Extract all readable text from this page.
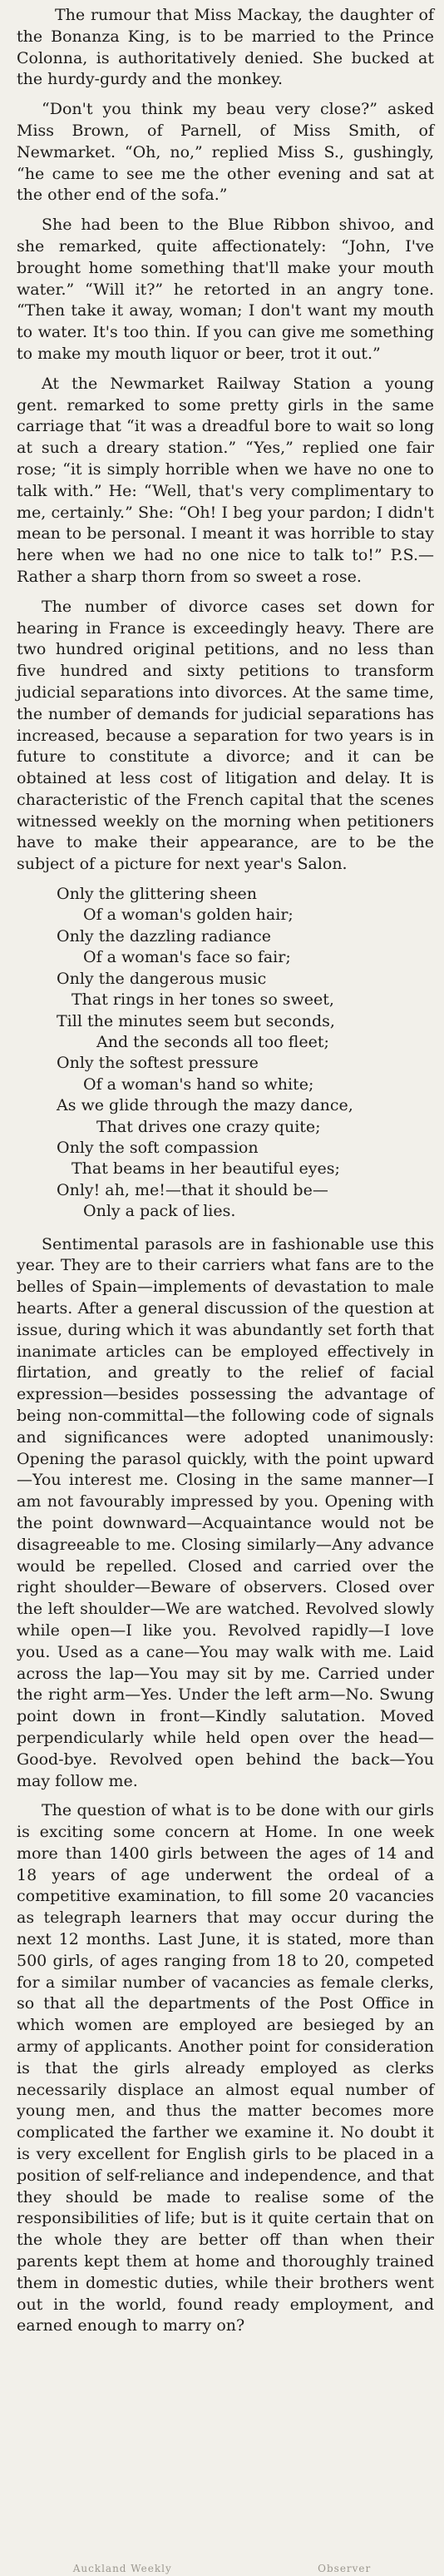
The rumour that Miss Mackay, the daughter of the Bonanza King, is to be married to the Prince Colonna, is authoritatively denied. She bucked at the hurdy-gurdy and the monkey.

“Don't you think my beau very close?” asked Miss Brown, of Parnell, of Miss Smith, of Newmarket. “Oh, no,” replied Miss S., gushingly, “he came to see me the other evening and sat at the other end of the sofa.”

She had been to the Blue Ribbon shivoo, and she remarked, quite affectionately: “John, I've brought home something that'll make your mouth water.” “Will it?” he retorted in an angry tone. “Then take it away, woman; I don't want my mouth to water. It's too thin. If you can give me something to make my mouth liquor or beer, trot it out.”

At the Newmarket Railway Station a young gent. remarked to some pretty girls in the same carriage that “it was a dreadful bore to wait so long at such a dreary station.” “Yes,” replied one fair rose; “it is simply horrible when we have no one to talk with.” He: “Well, that's very complimentary to me, certainly.” She: “Oh! I beg your pardon; I didn't mean to be personal. I meant it was horrible to stay here when we had no one nice to talk to!” P.S.—Rather a sharp thorn from so sweet a rose.

The number of divorce cases set down for hearing in France is exceedingly heavy. There are two hundred original petitions, and no less than five hundred and sixty petitions to transform judicial separations into divorces. At the same time, the number of demands for judicial separations has increased, because a separation for two years is in future to constitute a divorce; and it can be obtained at less cost of litigation and delay. It is characteristic of the French capital that the scenes witnessed weekly on the morning when petitioners have to make their appearance, are to be the subject of a picture for next year's Salon.

Only the glittering sheen
Of a woman's golden hair;
Only the dazzling radiance
Of a woman's face so fair;
Only the dangerous music
That rings in her tones so sweet,
Till the minutes seem but seconds,
And the seconds all too fleet;
Only the softest pressure
Of a woman's hand so white;
As we glide through the mazy dance,
That drives one crazy quite;
Only the soft compassion
That beams in her beautiful eyes;
Only! ah, me!—that it should be—
Only a pack of lies.

Sentimental parasols are in fashionable use this year. They are to their carriers what fans are to the belles of Spain—implements of devastation to male hearts. After a general discussion of the question at issue, during which it was abundantly set forth that inanimate articles can be employed effectively in flirtation, and greatly to the relief of facial expression—besides possessing the advantage of being non-committal—the following code of signals and significances were adopted unanimously: Opening the parasol quickly, with the point upward—You interest me. Closing in the same manner—I am not favourably impressed by you. Opening with the point downward—Acquaintance would not be disagreeable to me. Closing similarly—Any advance would be repelled. Closed and carried over the right shoulder—Beware of observers. Closed over the left shoulder—We are watched. Revolved slowly while open—I like you. Revolved rapidly—I love you. Used as a cane—You may walk with me. Laid across the lap—You may sit by me. Carried under the right arm—Yes. Under the left arm—No. Swung point down in front—Kindly salutation. Moved perpendicularly while held open over the head—Good-bye. Revolved open behind the back—You may follow me.

The question of what is to be done with our girls is exciting some concern at Home. In one week more than 1400 girls between the ages of 14 and 18 years of age underwent the ordeal of a competitive examination, to fill some 20 vacancies as telegraph learners that may occur during the next 12 months. Last June, it is stated, more than 500 girls, of ages ranging from 18 to 20, competed for a similar number of vacancies as female clerks, so that all the departments of the Post Office in which women are employed are besieged by an army of applicants. Another point for consideration is that the girls already employed as clerks necessarily displace an almost equal number of young men, and thus the matter becomes more complicated the farther we examine it. No doubt it is very excellent for English girls to be placed in a position of self-reliance and independence, and that they should be made to realise some of the responsibilities of life; but is it quite certain that on the whole they are better off than when their parents kept them at home and thoroughly trained them in domestic duties, while their brothers went out in the world, found ready employment, and earned enough to marry on?

Auckland Weekly	Observer
